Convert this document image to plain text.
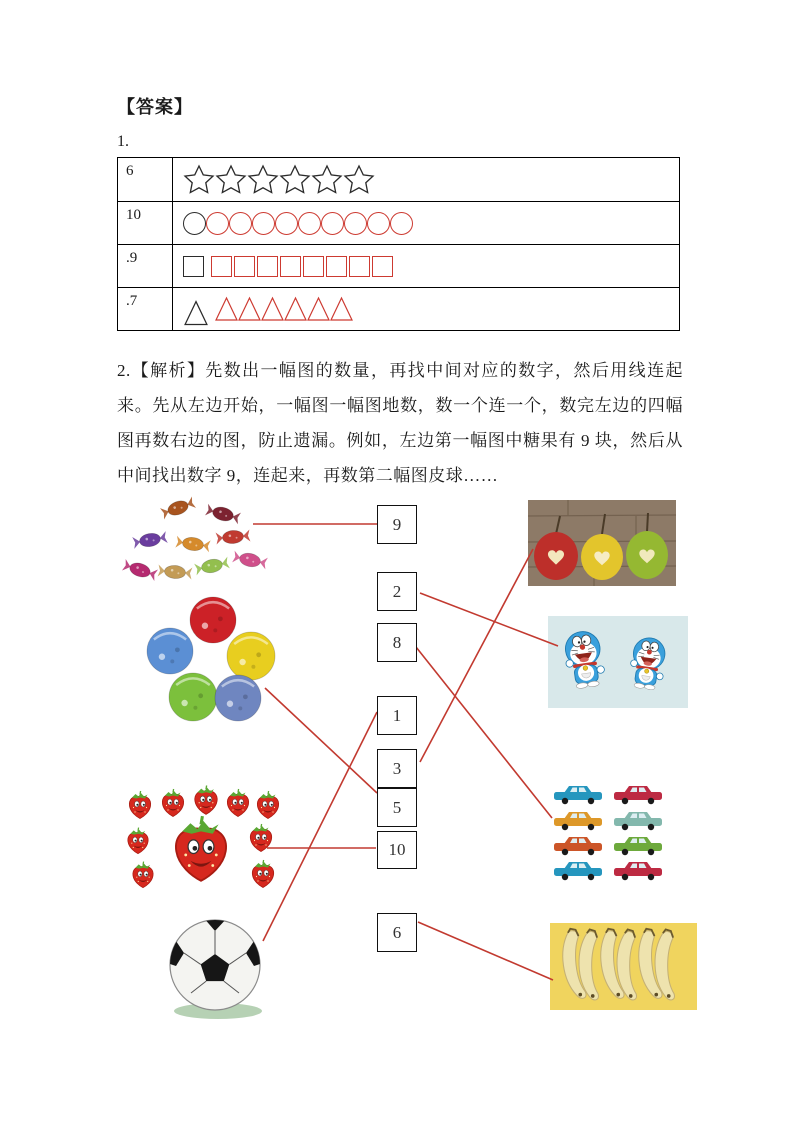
【答案】
1.
6
10
.9
.7
2.【解析】先数出一幅图的数量，再找中间对应的数字，然后用线连起来。先从左边开始，一幅图一幅图地数，数一个连一个，数完左边的四幅图再数右边的图，防止遗漏。例如，左边第一幅图中糖果有 9 块，然后从中间找出数字 9，连起来，再数第二幅图皮球……
9
2
8
1
3
5
10
6
